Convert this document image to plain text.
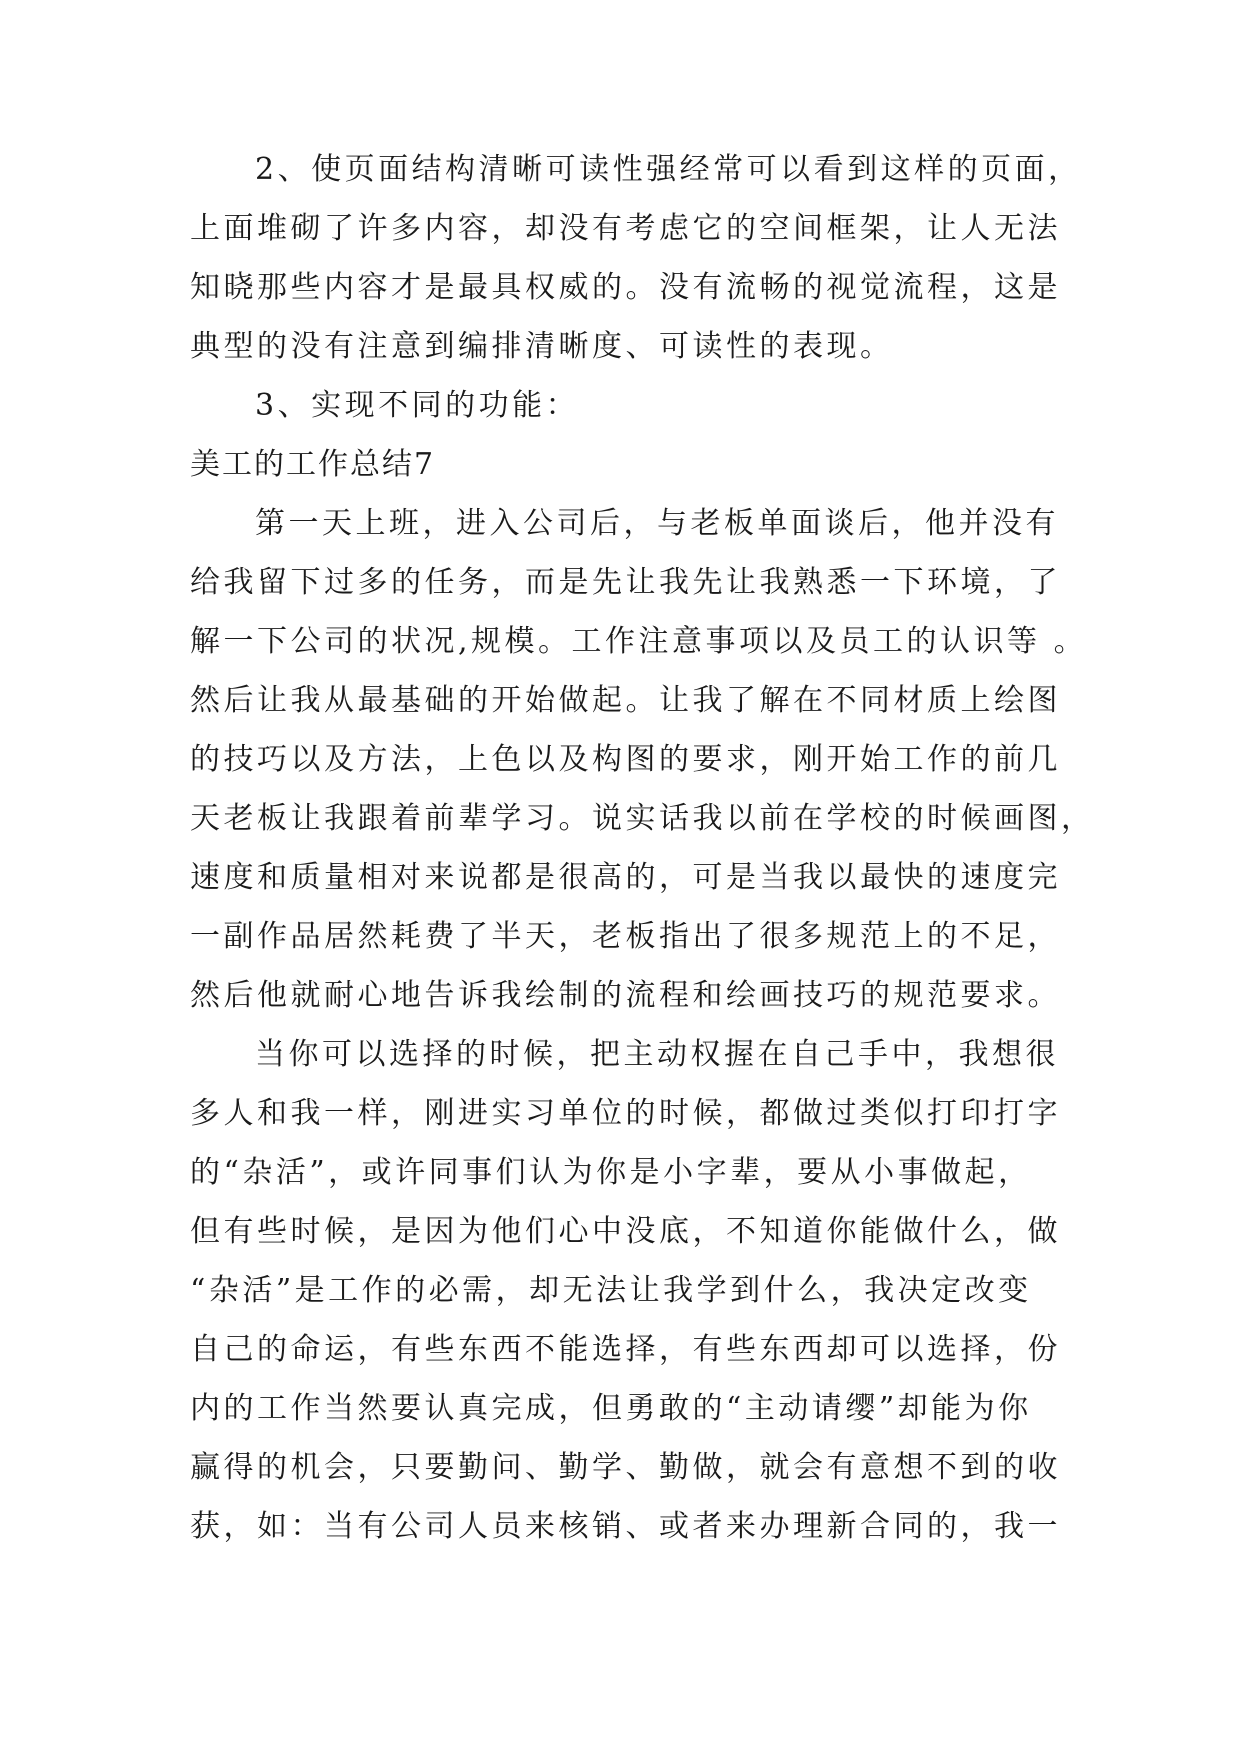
2、使页面结构清晰可读性强经常可以看到这样的页面，
上面堆砌了许多内容，却没有考虑它的空间框架，让人无法
知晓那些内容才是最具权威的。没有流畅的视觉流程，这是
典型的没有注意到编排清晰度、可读性的表现。
3、实现不同的功能：
美工的工作总结7
第一天上班，进入公司后，与老板单面谈后，他并没有
给我留下过多的任务，而是先让我先让我熟悉一下环境，了
解一下公司的状况,规模。工作注意事项以及员工的认识等 。
然后让我从最基础的开始做起。让我了解在不同材质上绘图
的技巧以及方法，上色以及构图的要求，刚开始工作的前几
天老板让我跟着前辈学习。说实话我以前在学校的时候画图，
速度和质量相对来说都是很高的，可是当我以最快的速度完
一副作品居然耗费了半天，老板指出了很多规范上的不足，
然后他就耐心地告诉我绘制的流程和绘画技巧的规范要求。
当你可以选择的时候，把主动权握在自己手中，我想很
多人和我一样，刚进实习单位的时候，都做过类似打印打字
的“杂活”，或许同事们认为你是小字辈，要从小事做起，
但有些时候，是因为他们心中没底，不知道你能做什么，做
“杂活”是工作的必需，却无法让我学到什么，我决定改变
自己的命运，有些东西不能选择，有些东西却可以选择，份
内的工作当然要认真完成，但勇敢的“主动请缨”却能为你
赢得的机会，只要勤问、勤学、勤做，就会有意想不到的收
获，如：当有公司人员来核销、或者来办理新合同的，我一
